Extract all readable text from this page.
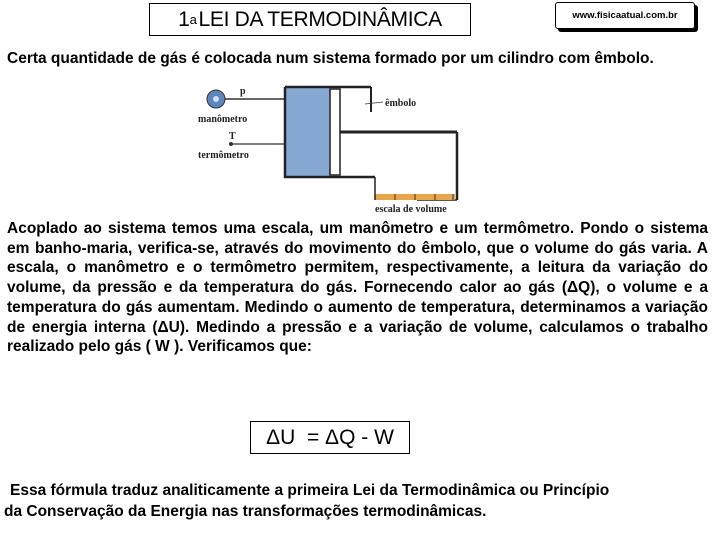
1 a LEI DA TERMODINÂMICA	www.fisicaatual.com.br

Certa quantidade de gás é colocada num sistema formado por um cilindro com êmbolo.

p
manômetro
T
termômetro
êmbolo
escala de volume

Acoplado ao sistema temos uma escala, um manômetro e um termômetro. Pondo o sistema em banho-maria, verifica-se, através do movimento do êmbolo, que o volume do gás varia. A escala, o manômetro e o termômetro permitem, respectivamente, a leitura da variação do volume, da pressão e da temperatura do gás. Fornecendo calor ao gás (ΔQ), o volume e a temperatura do gás aumentam. Medindo o aumento de temperatura, determinamos a variação de energia interna (ΔU). Medindo a pressão e a variação de volume, calculamos o trabalho realizado pelo gás ( W ). Verificamos que:

ΔU  = ΔQ - W

Essa fórmula traduz analiticamente a primeira Lei da Termodinâmica ou Princípio
da Conservação da Energia nas transformações termodinâmicas.
